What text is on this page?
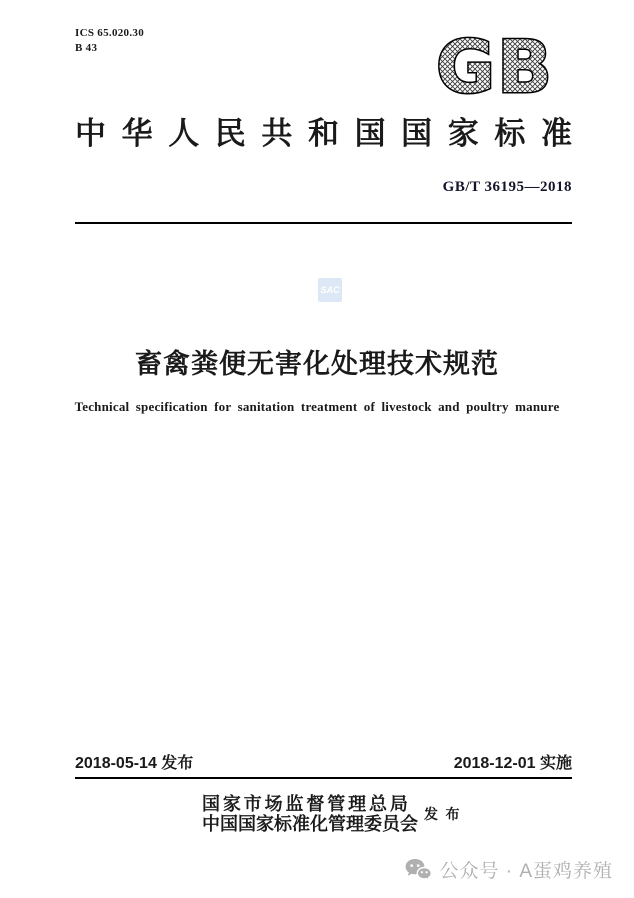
ICS 65.020.30
B 43	GB
中 华 人 民 共 和 国 国 家 标 准
GB/T 36195—2018
SAC
畜禽粪便无害化处理技术规范
Technical specification for sanitation treatment of livestock and poultry manure
2018-05-14 发布	2018-12-01 实施
国 家 市 场 监 督 管 理 总 局
中国国家标准化管理委员会 发 布
公众号 · A蛋鸡养殖
